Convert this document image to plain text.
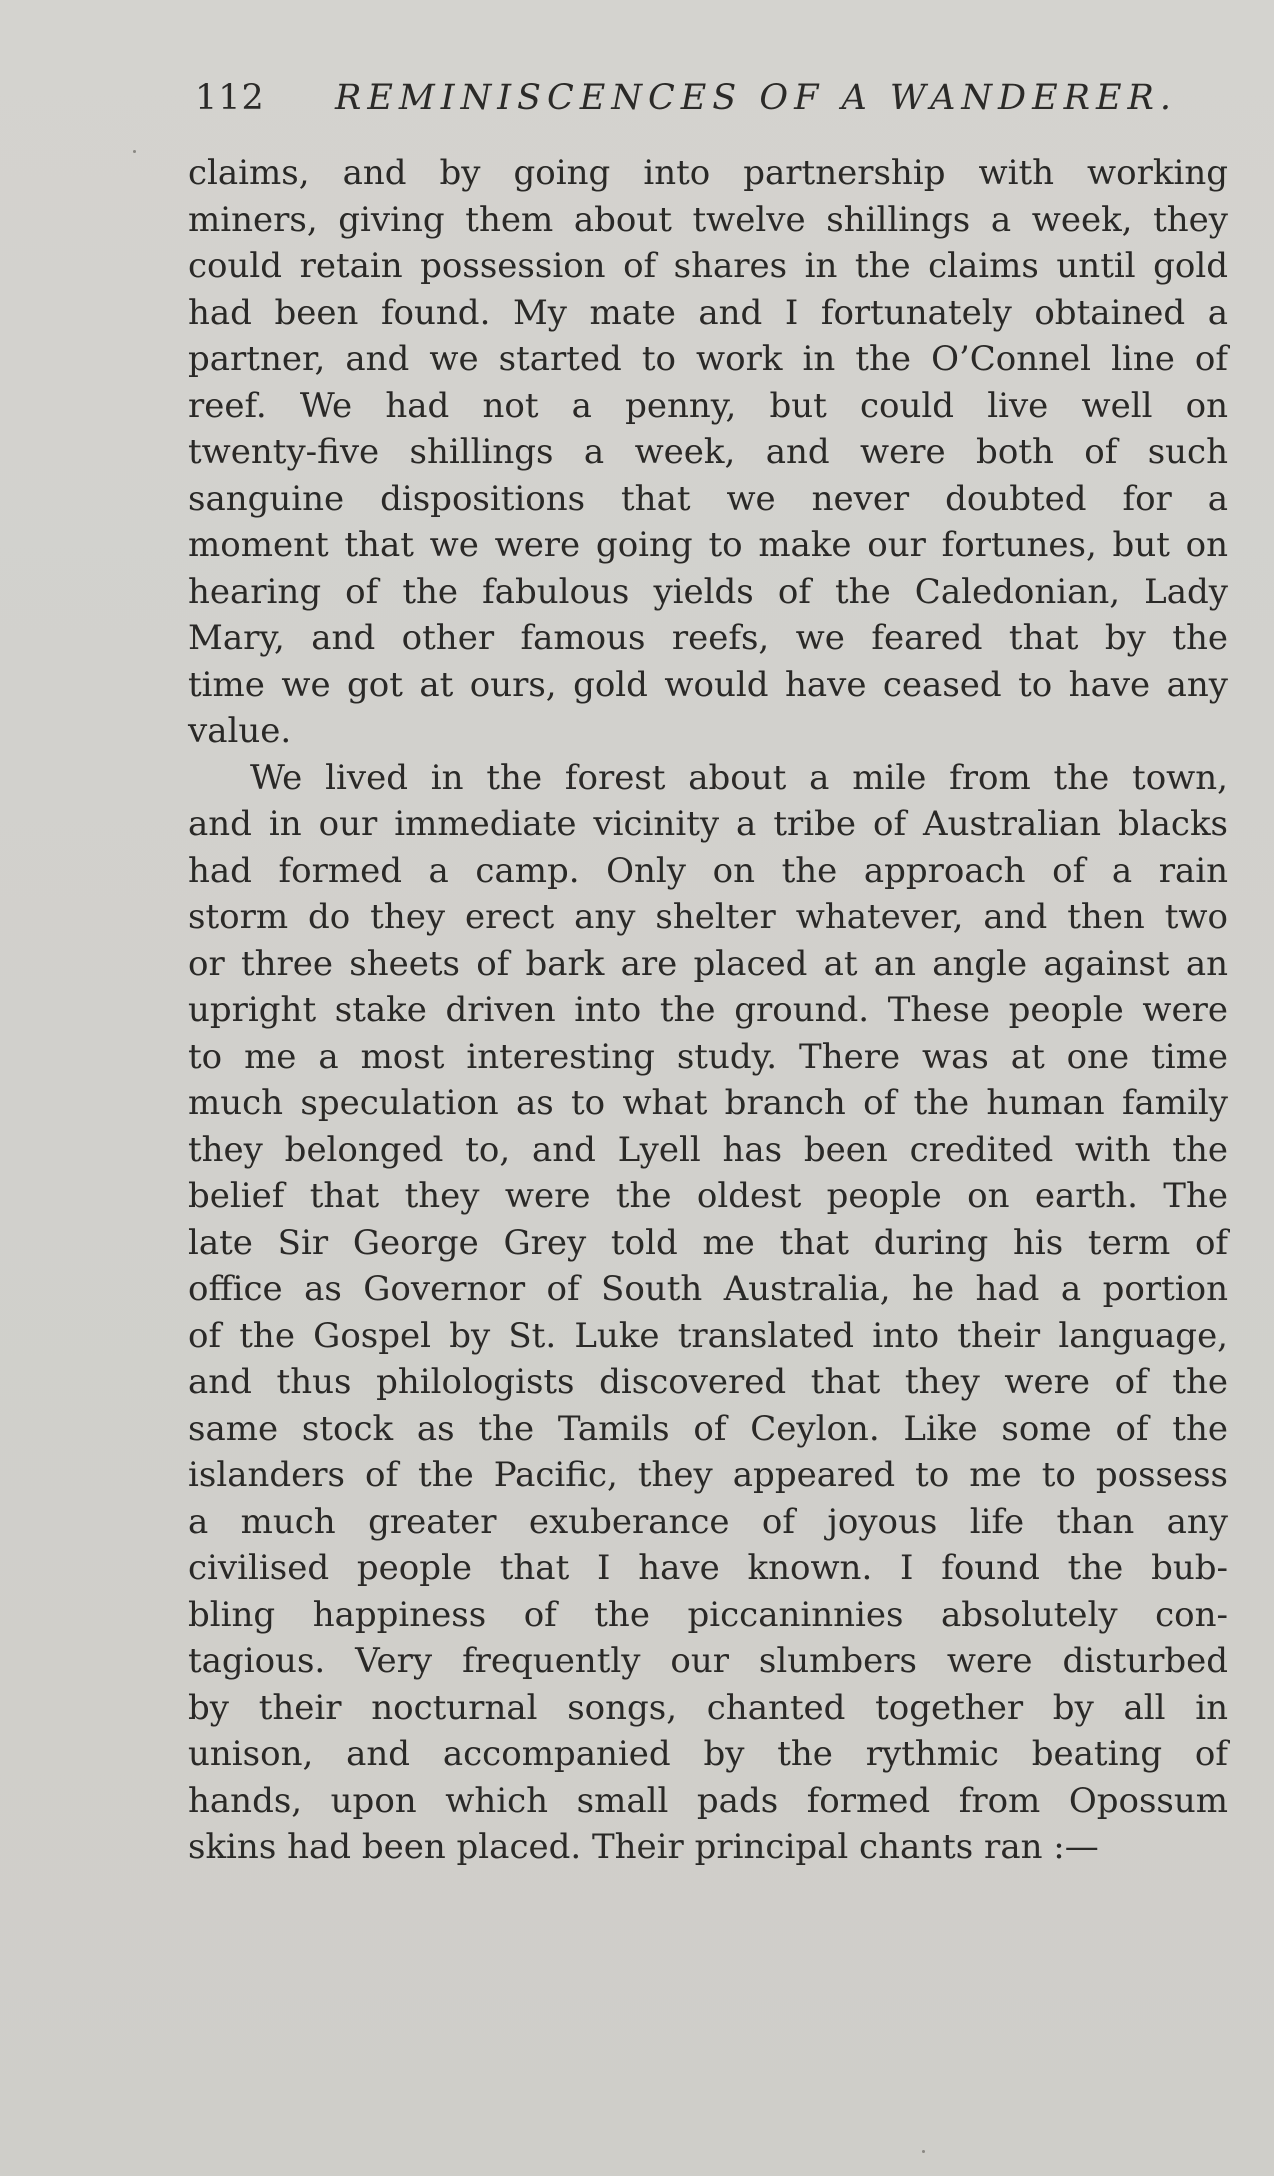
112 REMINISCENCES OF A WANDERER.
claims, and by going into partnership with working
miners, giving them about twelve shillings a week, they
could retain possession of shares in the claims until gold
had been found. My mate and I fortunately obtained a
partner, and we started to work in the O’Connel line of
reef. We had not a penny, but could live well on
twenty-five shillings a week, and were both of such
sanguine dispositions that we never doubted for a
moment that we were going to make our fortunes, but on
hearing of the fabulous yields of the Caledonian, Lady
Mary, and other famous reefs, we feared that by the
time we got at ours, gold would have ceased to have any
value.
We lived in the forest about a mile from the town,
and in our immediate vicinity a tribe of Australian blacks
had formed a camp. Only on the approach of a rain
storm do they erect any shelter whatever, and then two
or three sheets of bark are placed at an angle against an
upright stake driven into the ground. These people were
to me a most interesting study. There was at one time
much speculation as to what branch of the human family
they belonged to, and Lyell has been credited with the
belief that they were the oldest people on earth. The
late Sir George Grey told me that during his term of
office as Governor of South Australia, he had a portion
of the Gospel by St. Luke translated into their language,
and thus philologists discovered that they were of the
same stock as the Tamils of Ceylon. Like some of the
islanders of the Pacific, they appeared to me to possess
a much greater exuberance of joyous life than any
civilised people that I have known. I found the bub-
bling happiness of the piccaninnies absolutely con-
tagious. Very frequently our slumbers were disturbed
by their nocturnal songs, chanted together by all in
unison, and accompanied by the rythmic beating of
hands, upon which small pads formed from Opossum
skins had been placed. Their principal chants ran :—
